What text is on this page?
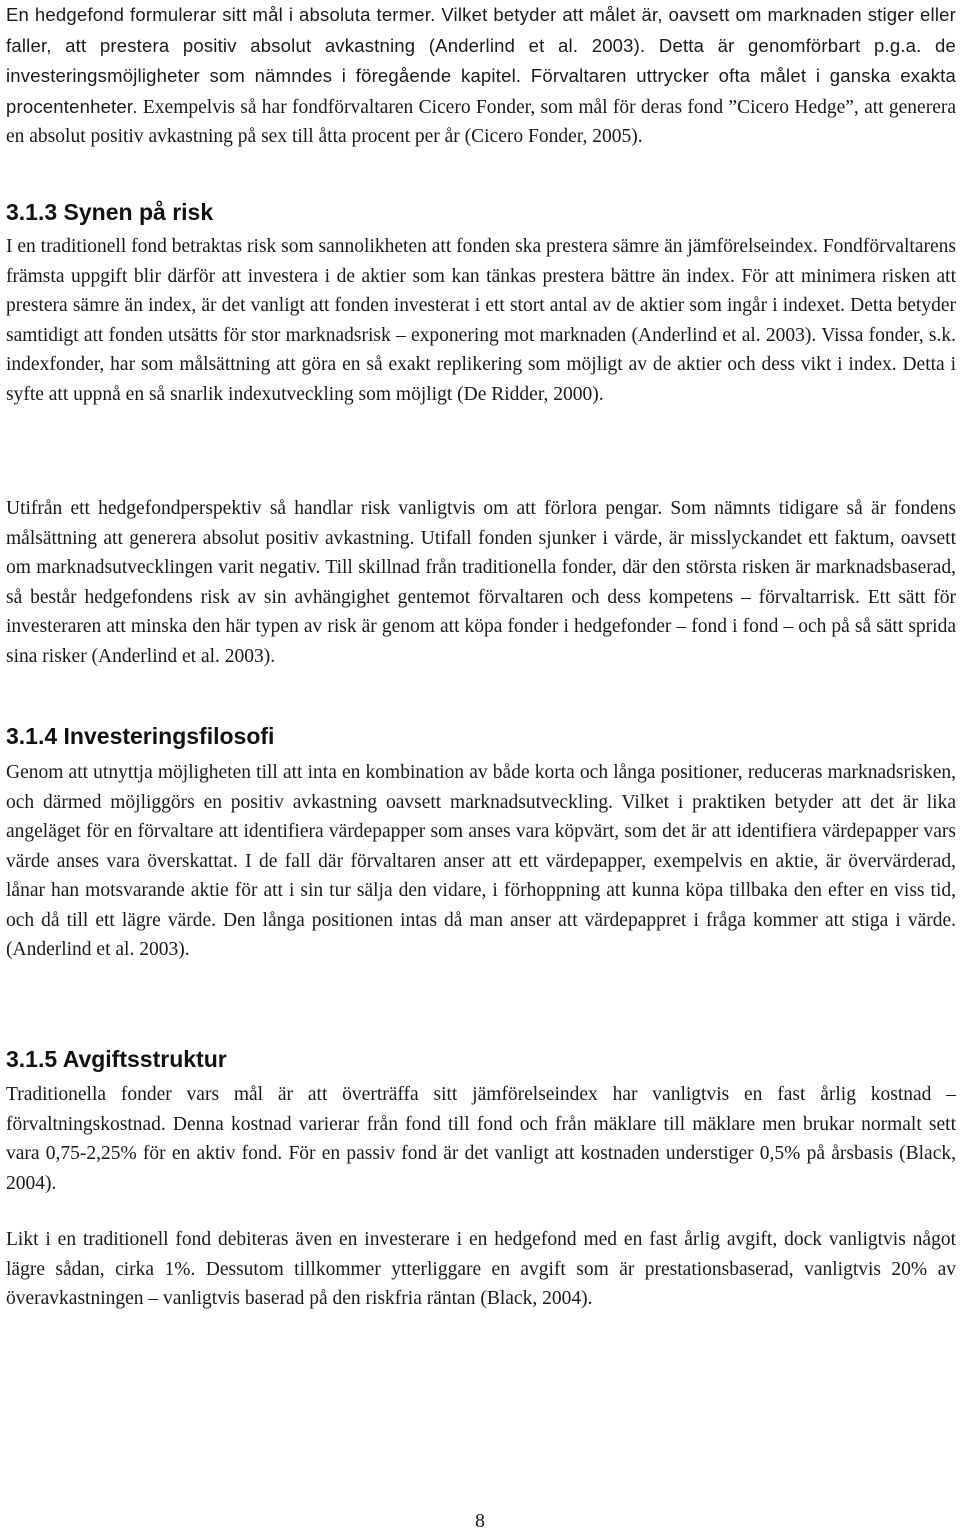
En hedgefond formulerar sitt mål i absoluta termer. Vilket betyder att målet är, oavsett om marknaden stiger eller faller, att prestera positiv absolut avkastning (Anderlind et al. 2003). Detta är genomförbart p.g.a. de investeringsmöjligheter som nämndes i föregående kapitel. Förvaltaren uttrycker ofta målet i ganska exakta procentenheter. Exempelvis så har fondförvaltaren Cicero Fonder, som mål för deras fond ”Cicero Hedge”, att generera en absolut positiv avkastning på sex till åtta procent per år (Cicero Fonder, 2005).

3.1.3 Synen på risk

I en traditionell fond betraktas risk som sannolikheten att fonden ska prestera sämre än jämförelseindex. Fondförvaltarens främsta uppgift blir därför att investera i de aktier som kan tänkas prestera bättre än index. För att minimera risken att prestera sämre än index, är det vanligt att fonden investerat i ett stort antal av de aktier som ingår i indexet. Detta betyder samtidigt att fonden utsätts för stor marknadsrisk – exponering mot marknaden (Anderlind et al. 2003). Vissa fonder, s.k. indexfonder, har som målsättning att göra en så exakt replikering som möjligt av de aktier och dess vikt i index. Detta i syfte att uppnå en så snarlik indexutveckling som möjligt (De Ridder, 2000).

Utifrån ett hedgefondperspektiv så handlar risk vanligtvis om att förlora pengar. Som nämnts tidigare så är fondens målsättning att generera absolut positiv avkastning. Utifall fonden sjunker i värde, är misslyckandet ett faktum, oavsett om marknadsutvecklingen varit negativ. Till skillnad från traditionella fonder, där den största risken är marknadsbaserad, så består hedgefondens risk av sin avhängighet gentemot förvaltaren och dess kompetens – förvaltarrisk. Ett sätt för investeraren att minska den här typen av risk är genom att köpa fonder i hedgefonder – fond i fond – och på så sätt sprida sina risker (Anderlind et al. 2003).

3.1.4 Investeringsfilosofi

Genom att utnyttja möjligheten till att inta en kombination av både korta och långa positioner, reduceras marknadsrisken, och därmed möjliggörs en positiv avkastning oavsett marknadsutveckling. Vilket i praktiken betyder att det är lika angeläget för en förvaltare att identifiera värdepapper som anses vara köpvärt, som det är att identifiera värdepapper vars värde anses vara överskattat. I de fall där förvaltaren anser att ett värdepapper, exempelvis en aktie, är övervärderad, lånar han motsvarande aktie för att i sin tur sälja den vidare, i förhoppning att kunna köpa tillbaka den efter en viss tid, och då till ett lägre värde. Den långa positionen intas då man anser att värdepappret i fråga kommer att stiga i värde. (Anderlind et al. 2003).

3.1.5 Avgiftsstruktur

Traditionella fonder vars mål är att överträffa sitt jämförelseindex har vanligtvis en fast årlig kostnad – förvaltningskostnad. Denna kostnad varierar från fond till fond och från mäklare till mäklare men brukar normalt sett vara 0,75-2,25% för en aktiv fond. För en passiv fond är det vanligt att kostnaden understiger 0,5% på årsbasis (Black, 2004).

Likt i en traditionell fond debiteras även en investerare i en hedgefond med en fast årlig avgift, dock vanligtvis något lägre sådan, cirka 1%. Dessutom tillkommer ytterliggare en avgift som är prestationsbaserad, vanligtvis 20% av överavkastningen – vanligtvis baserad på den riskfria räntan (Black, 2004).

8
